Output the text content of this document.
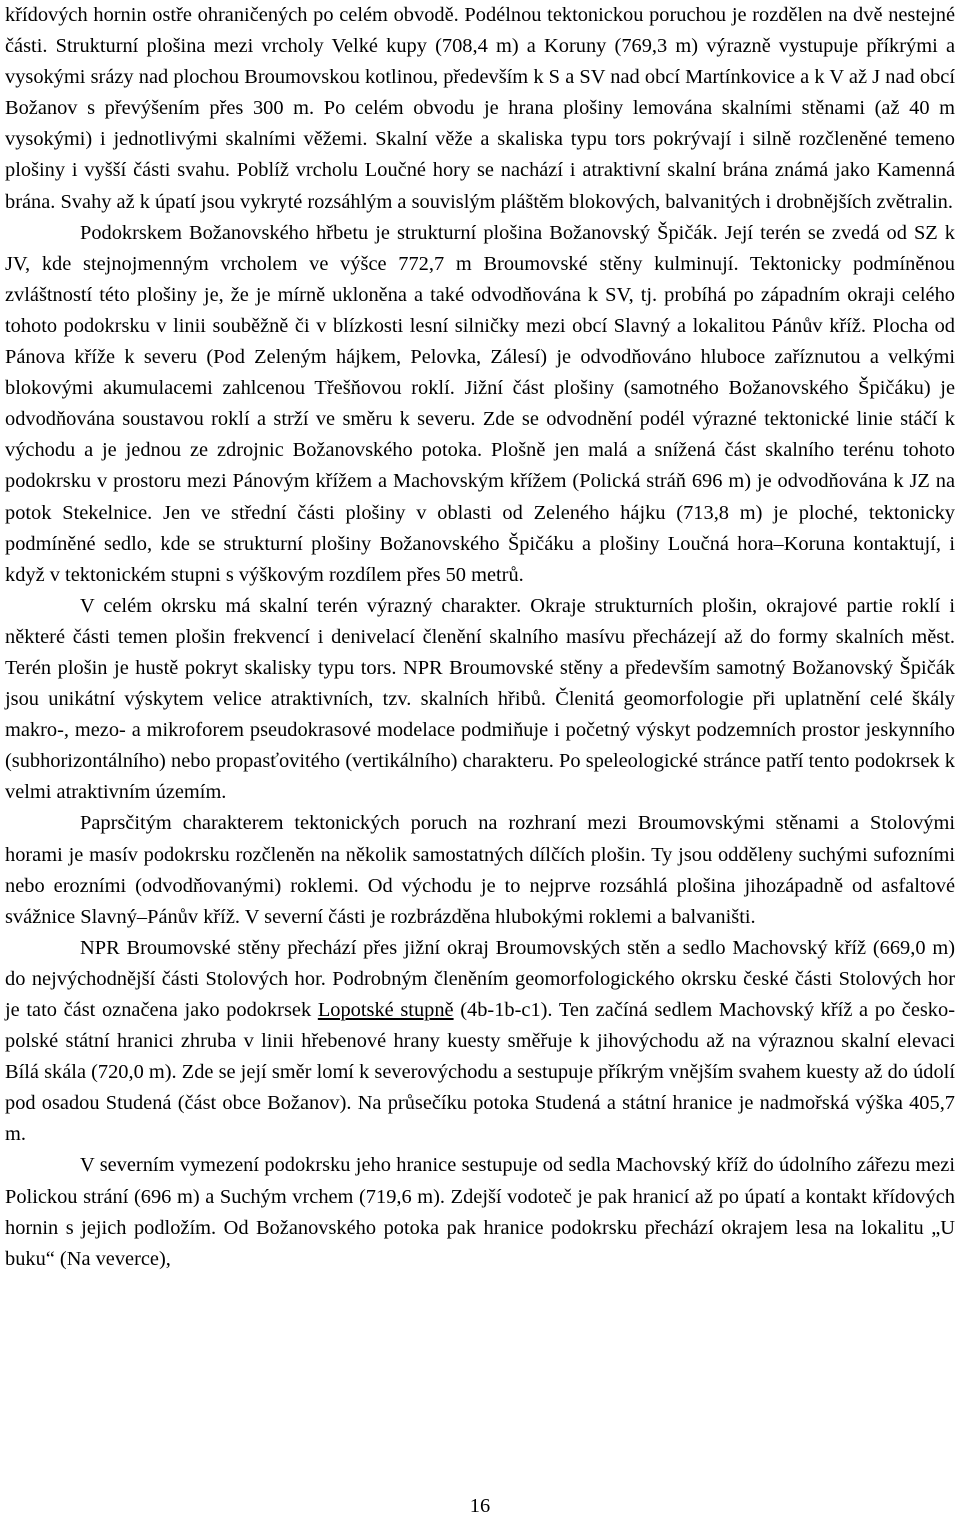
křídových hornin ostře ohraničených po celém obvodě. Podélnou tektonickou poruchou je rozdělen na dvě nestejné části. Strukturní plošina mezi vrcholy Velké kupy (708,4 m) a Koruny (769,3 m) výrazně vystupuje příkrými a vysokými srázy nad plochou Broumovskou kotlinou, především k S a SV nad obcí Martínkovice a k V až J nad obcí Božanov s převýšením přes 300 m. Po celém obvodu je hrana plošiny lemována skalními stěnami (až 40 m vysokými) i jednotlivými skalními věžemi. Skalní věže a skaliska typu tors pokrývají i silně rozčleněné temeno plošiny i vyšší části svahu. Poblíž vrcholu Loučné hory se nachází i atraktivní skalní brána známá jako Kamenná brána. Svahy až k úpatí jsou vykryté rozsáhlým a souvislým pláštěm blokových, balvanitých i drobnějších zvětralin.

Podokrskem Božanovského hřbetu je strukturní plošina Božanovský Špičák. Její terén se zvedá od SZ k JV, kde stejnojmenným vrcholem ve výšce 772,7 m Broumovské stěny kulminují. Tektonicky podmíněnou zvláštností této plošiny je, že je mírně ukloněna a také odvodňována k SV, tj. probíhá po západním okraji celého tohoto podokrsku v linii souběžně či v blízkosti lesní silničky mezi obcí Slavný a lokalitou Pánův kříž. Plocha od Pánova kříže k severu (Pod Zeleným hájkem, Pelovka, Zálesí) je odvodňováno hluboce zaříznutou a velkými blokovými akumulacemi zahlcenou Třešňovou roklí. Jižní část plošiny (samotného Božanovského Špičáku) je odvodňována soustavou roklí a strží ve směru k severu. Zde se odvodnění podél výrazné tektonické linie stáčí k východu a je jednou ze zdrojnic Božanovského potoka. Plošně jen malá a snížená část skalního terénu tohoto podokrsku v prostoru mezi Pánovým křížem a Machovským křížem (Polická stráň 696 m) je odvodňována k JZ na potok Stekelnice. Jen ve střední části plošiny v oblasti od Zeleného hájku (713,8 m) je ploché, tektonicky podmíněné sedlo, kde se strukturní plošiny Božanovského Špičáku a plošiny Loučná hora–Koruna kontaktují, i když v tektonickém stupni s výškovým rozdílem přes 50 metrů.

V celém okrsku má skalní terén výrazný charakter. Okraje strukturních plošin, okrajové partie roklí i některé části temen plošin frekvencí i denivelací členění skalního masívu přecházejí až do formy skalních měst. Terén plošin je hustě pokryt skalisky typu tors. NPR Broumovské stěny a především samotný Božanovský Špičák jsou unikátní výskytem velice atraktivních, tzv. skalních hřibů. Členitá geomorfologie při uplatnění celé škály makro-, mezo- a mikroforem pseudokrasové modelace podmiňuje i početný výskyt podzemních prostor jeskynního (subhorizontálního) nebo propasťovitého (vertikálního) charakteru. Po speleologické stránce patří tento podokrsek k velmi atraktivním územím.

Paprsčitým charakterem tektonických poruch na rozhraní mezi Broumovskými stěnami a Stolovými horami je masív podokrsku rozčleněn na několik samostatných dílčích plošin. Ty jsou odděleny suchými sufozními nebo erozními (odvodňovanými) roklemi. Od východu je to nejprve rozsáhlá plošina jihozápadně od asfaltové svážnice Slavný–Pánův kříž. V severní části je rozbrázděna hlubokými roklemi a balvaništi.

NPR Broumovské stěny přechází přes jižní okraj Broumovských stěn a sedlo Machovský kříž (669,0 m) do nejvýchodnější části Stolových hor. Podrobným členěním geomorfologického okrsku české části Stolových hor je tato část označena jako podokrsek Lopotské stupně (4b-1b-c1). Ten začíná sedlem Machovský kříž a po česko-polské státní hranici zhruba v linii hřebenové hrany kuesty směřuje k jihovýchodu až na výraznou skalní elevaci Bílá skála (720,0 m). Zde se její směr lomí k severovýchodu a sestupuje příkrým vnějším svahem kuesty až do údolí pod osadou Studená (část obce Božanov). Na průsečíku potoka Studená a státní hranice je nadmořská výška 405,7 m.

V severním vymezení podokrsku jeho hranice sestupuje od sedla Machovský kříž do údolního zářezu mezi Polickou strání (696 m) a Suchým vrchem (719,6 m). Zdejší vodoteč je pak hranicí až po úpatí a kontakt křídových hornin s jejich podložím. Od Božanovského potoka pak hranice podokrsku přechází okrajem lesa na lokalitu „U buku“ (Na veverce),

16
